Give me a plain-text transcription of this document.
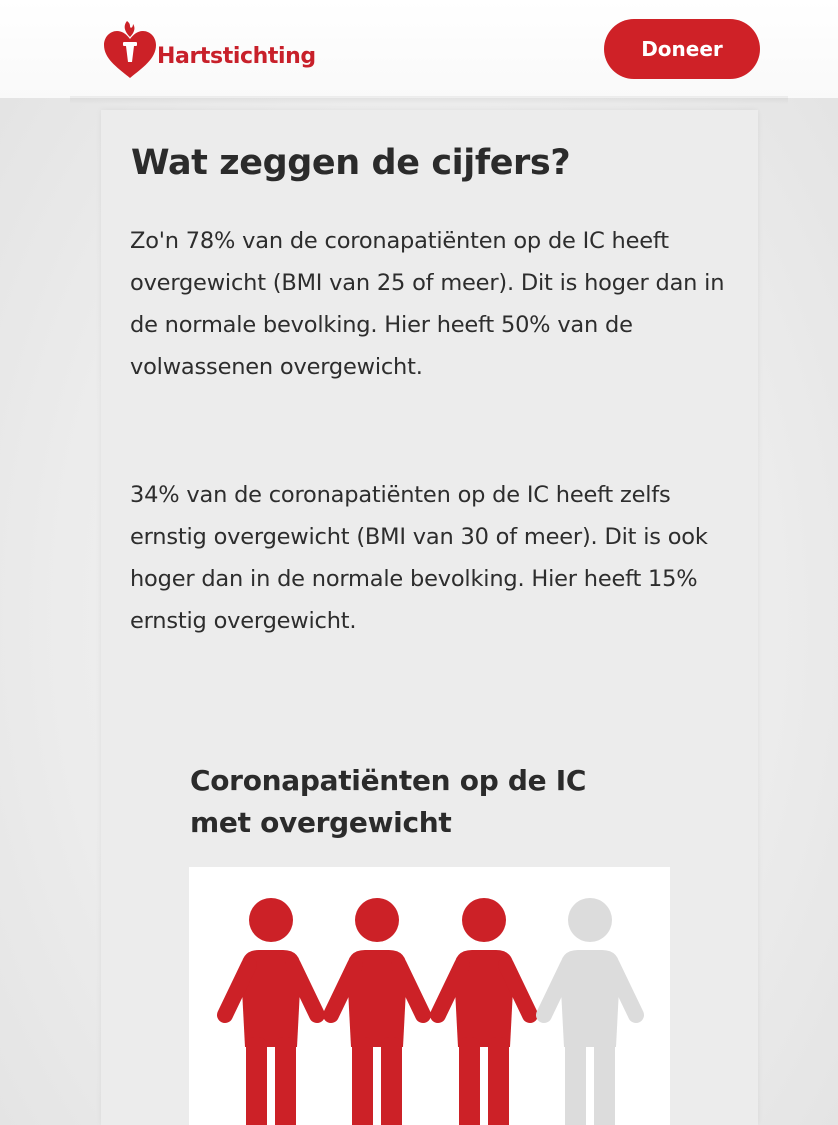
Hartstichting	Doneer
Wat zeggen de cijfers?

Zo'n 78% van de coronapatiënten op de IC heeft overgewicht (BMI van 25 of meer). Dit is hoger dan in de normale bevolking. Hier heeft 50% van de volwassenen overgewicht.

34% van de coronapatiënten op de IC heeft zelfs ernstig overgewicht (BMI van 30 of meer). Dit is ook hoger dan in de normale bevolking. Hier heeft 15% ernstig overgewicht.

Coronapatiënten op de IC met overgewicht
